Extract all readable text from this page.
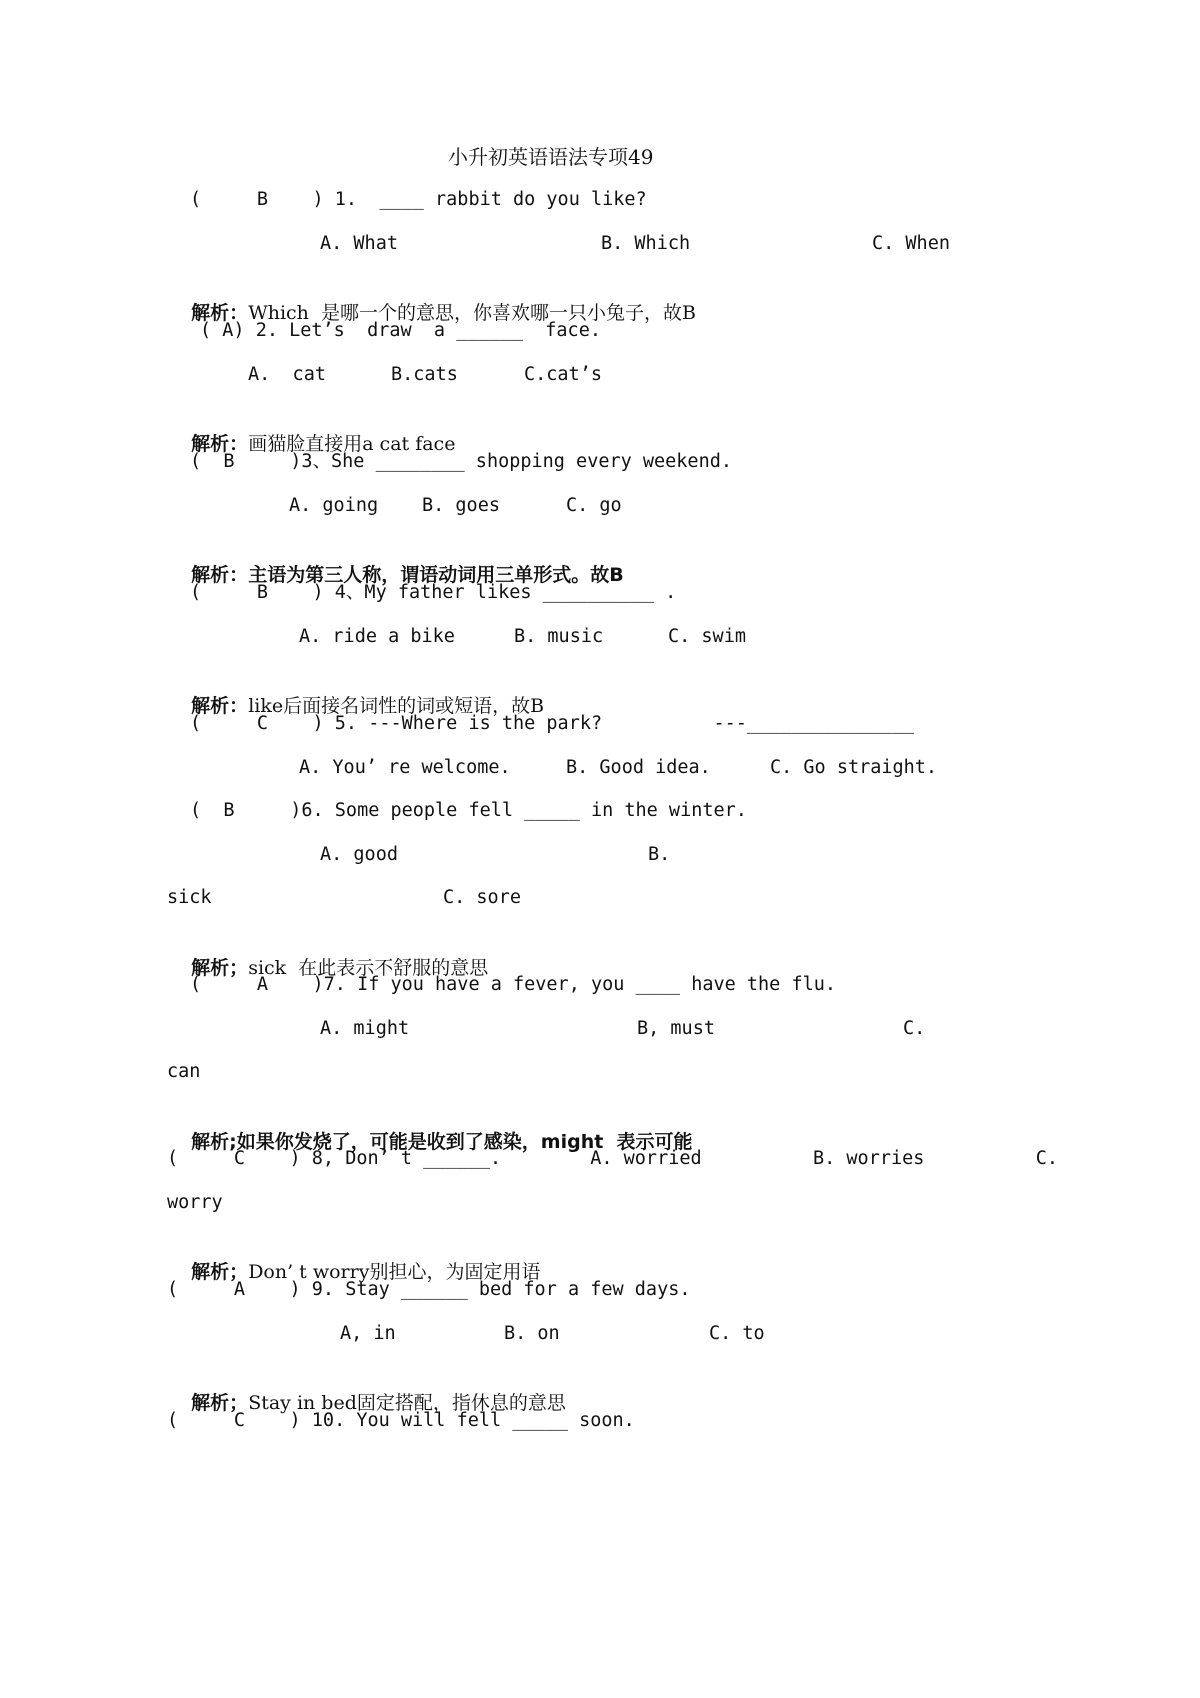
小升初英语语法专项49
(     B    ) 1.  ____ rabbit do you like?
A. What	B. Which	C. When

解析：Which  是哪一个的意思，你喜欢哪一只小兔子，故B

( A) 2. Let’s  draw  a ______  face.
A.  cat	B.cats	C.cat’s

解析：画猫脸直接用a cat face

(  B     )3、She ________ shopping every weekend.
A. going B. goes	C. go

解析：主语为第三人称，谓语动词用三单形式。故B

(     B    ) 4、My father likes __________ .
A. ride a bike	B. music	C. swim

解析：like后面接名词性的词或短语，故B

(     C    ) 5. ---Where is the park?          ---_______________
A. You’ re welcome.	B. Good idea.	C. Go straight.
(  B     )6. Some people fell _____ in the winter.
A. good	B.
sick	C. sore

解析；sick  在此表示不舒服的意思

(     A    )7. If you have a fever, you ____ have the flu.
A. might	B, must	C.
can

解析;如果你发烧了，可能是收到了感染，might  表示可能

(     C    ) 8, Don’ t ______.        A. worried          B. worries          C.
worry

解析；Don’ t worry别担心，为固定用语

(     A    ) 9. Stay ______ bed for a few days.
A, in	B. on	C. to

解析；Stay in bed固定搭配，指休息的意思

(     C    ) 10. You will fell _____ soon.
